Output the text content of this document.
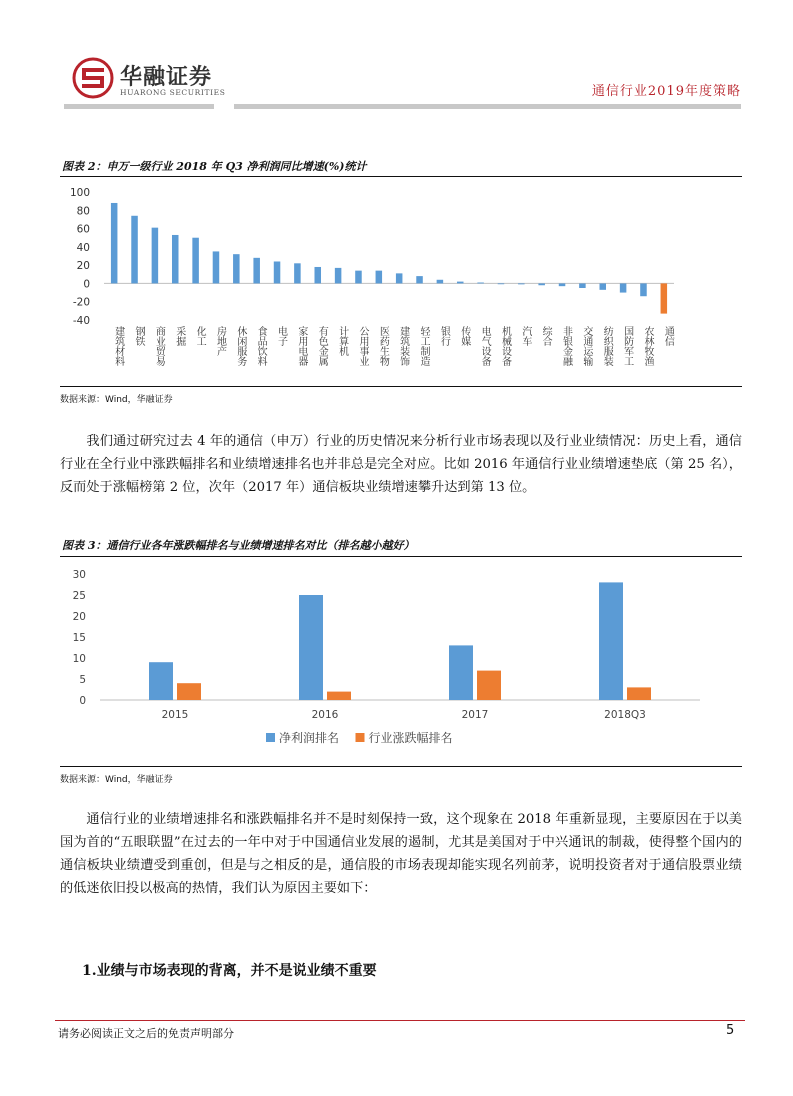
华融证券
HUARONG SECURITIES	通信行业2019年度策略
图表 2：申万一级行业 2018 年 Q3 净利润同比增速(%)统计
-40
-20
0
20
40
60
80
100
建筑材料 钢铁 商业贸易 采掘 化工 房地产 休闲服务 食品饮料 电子 家用电器 有色金属 计算机 公用事业 医药生物 建筑装饰 轻工制造 银行 传媒 电气设备 机械设备 汽车 综合 非银金融 交通运输 纺织服装 国防军工 农林牧渔 通信
数据来源：Wind，华融证券

我们通过研究过去 4 年的通信（申万）行业的历史情况来分析行业市场表现以及行业业绩情况：历史上看，通信行业在全行业中涨跌幅排名和业绩增速排名也并非总是完全对应。比如 2016 年通信行业业绩增速垫底（第 25 名），反而处于涨幅榜第 2 位，次年（2017 年）通信板块业绩增速攀升达到第 13 位。

图表 3：通信行业各年涨跌幅排名与业绩增速排名对比（排名越小越好）
0
5
10
15
20
25
30
2015	2016	2017	2018Q3
净利润排名 行业涨跌幅排名
数据来源：Wind，华融证券

通信行业的业绩增速排名和涨跌幅排名并不是时刻保持一致，这个现象在 2018 年重新显现，主要原因在于以美国为首的“五眼联盟”在过去的一年中对于中国通信业发展的遏制，尤其是美国对于中兴通讯的制裁，使得整个国内的通信板块业绩遭受到重创，但是与之相反的是，通信股的市场表现却能实现名列前茅，说明投资者对于通信股票业绩的低迷依旧投以极高的热情，我们认为原因主要如下：

1.业绩与市场表现的背离，并不是说业绩不重要
请务必阅读正文之后的免责声明部分	5
